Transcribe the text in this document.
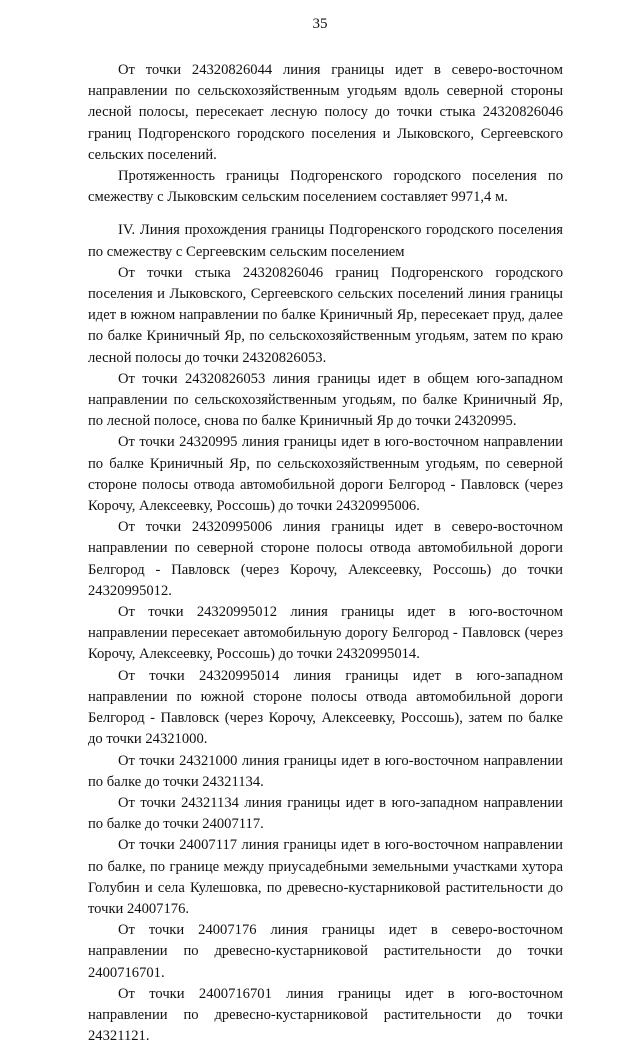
35

От точки 24320826044 линия границы идет в северо-восточном направлении по сельскохозяйственным угодьям вдоль северной стороны лесной полосы, пересекает лесную полосу до точки стыка 24320826046 границ Подгоренского городского поселения и Лыковского, Сергеевского сельских поселений.

Протяженность границы Подгоренского городского поселения по смежеству с Лыковским сельским поселением составляет 9971,4 м.

IV. Линия прохождения границы Подгоренского городского поселения по смежеству с Сергеевским сельским поселением

От точки стыка 24320826046 границ Подгоренского городского поселения и Лыковского, Сергеевского сельских поселений линия границы идет в южном направлении по балке Криничный Яр, пересекает пруд, далее по балке Криничный Яр, по сельскохозяйственным угодьям, затем по краю лесной полосы до точки 24320826053.

От точки 24320826053 линия границы идет в общем юго-западном направлении по сельскохозяйственным угодьям, по балке Криничный Яр, по лесной полосе, снова по балке Криничный Яр до точки 24320995.

От точки 24320995 линия границы идет в юго-восточном направлении по балке Криничный Яр, по сельскохозяйственным угодьям, по северной стороне полосы отвода автомобильной дороги Белгород - Павловск (через Корочу, Алексеевку, Россошь) до точки 24320995006.

От точки 24320995006 линия границы идет в северо-восточном направлении по северной стороне полосы отвода автомобильной дороги Белгород - Павловск (через Корочу, Алексеевку, Россошь) до точки 24320995012.

От точки 24320995012 линия границы идет в юго-восточном направлении пересекает автомобильную дорогу Белгород - Павловск (через Корочу, Алексеевку, Россошь) до точки 24320995014.

От точки 24320995014 линия границы идет в юго-западном направлении по южной стороне полосы отвода автомобильной дороги Белгород - Павловск (через Корочу, Алексеевку, Россошь), затем по балке до точки 24321000.

От точки 24321000 линия границы идет в юго-восточном направлении по балке до точки 24321134.

От точки 24321134 линия границы идет в юго-западном направлении по балке до точки 24007117.

От точки 24007117 линия границы идет в юго-восточном направлении по балке, по границе между приусадебными земельными участками хутора Голубин и села Кулешовка, по древесно-кустарниковой растительности до точки 24007176.

От точки 24007176 линия границы идет в северо-восточном направлении по древесно-кустарниковой растительности до точки 2400716701.

От точки 2400716701 линия границы идет в юго-восточном направлении по древесно-кустарниковой растительности до точки 24321121.
